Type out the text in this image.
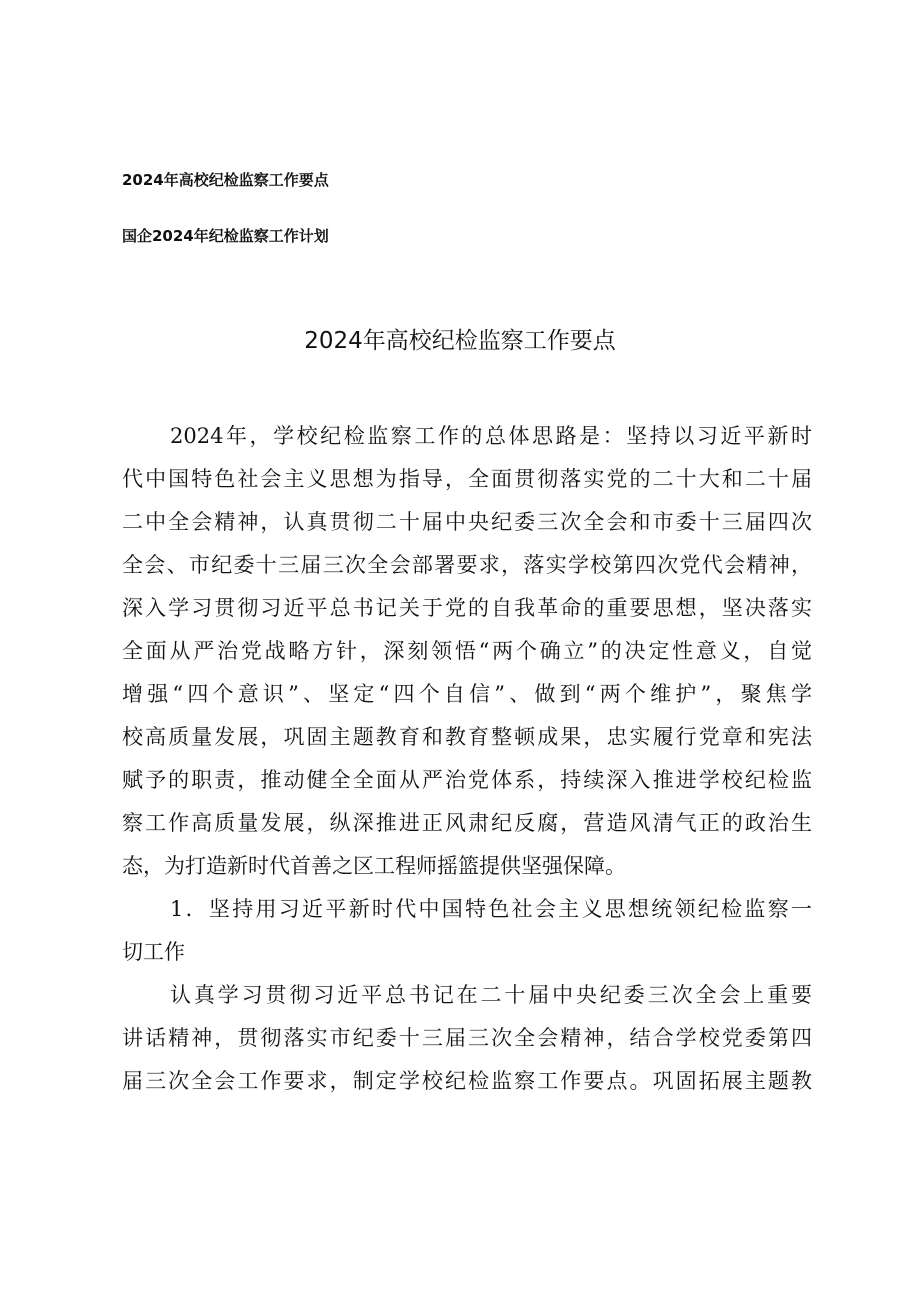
2024年高校纪检监察工作要点
国企2024年纪检监察工作计划
2024年高校纪检监察工作要点
2024年，学校纪检监察工作的总体思路是：坚持以习近平新时
代中国特色社会主义思想为指导，全面贯彻落实党的二十大和二十届
二中全会精神，认真贯彻二十届中央纪委三次全会和市委十三届四次
全会、市纪委十三届三次全会部署要求，落实学校第四次党代会精神，
深入学习贯彻习近平总书记关于党的自我革命的重要思想，坚决落实
全面从严治党战略方针，深刻领悟“两个确立”的决定性意义，自觉
增强“四个意识”、坚定“四个自信”、做到“两个维护”，聚焦学
校高质量发展，巩固主题教育和教育整顿成果，忠实履行党章和宪法
赋予的职责，推动健全全面从严治党体系，持续深入推进学校纪检监
察工作高质量发展，纵深推进正风肃纪反腐，营造风清气正的政治生
态，为打造新时代首善之区工程师摇篮提供坚强保障。
1．坚持用习近平新时代中国特色社会主义思想统领纪检监察一
切工作
认真学习贯彻习近平总书记在二十届中央纪委三次全会上重要
讲话精神，贯彻落实市纪委十三届三次全会精神，结合学校党委第四
届三次全会工作要求，制定学校纪检监察工作要点。巩固拓展主题教
